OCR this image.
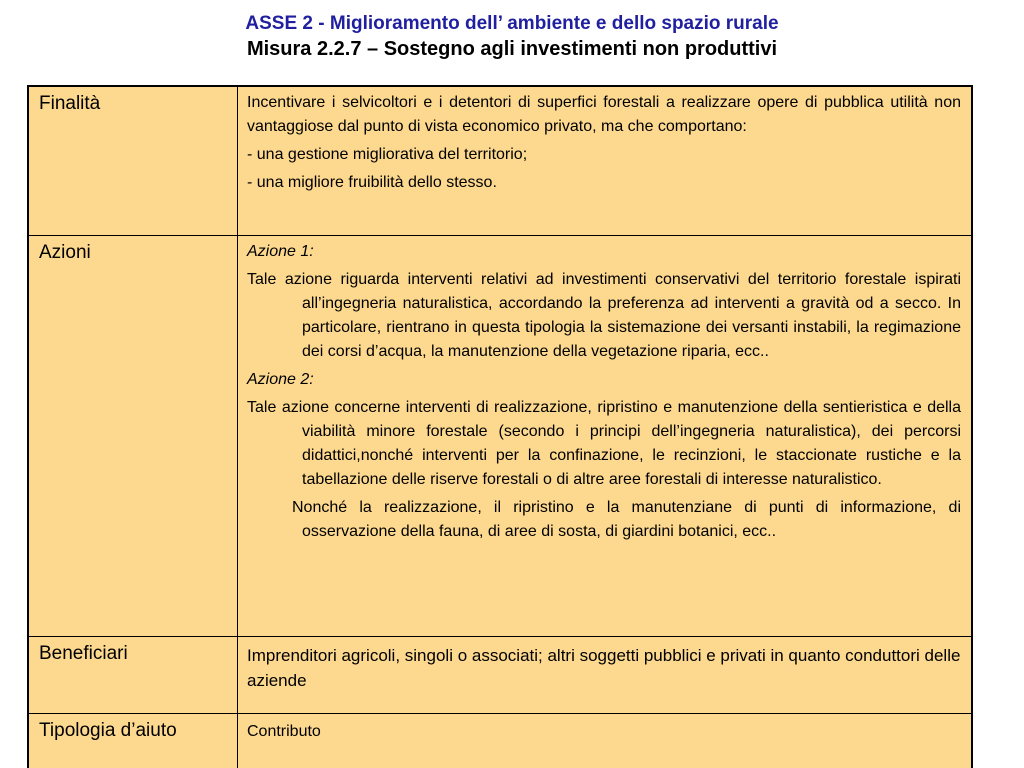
ASSE 2 - Miglioramento dell’ ambiente e dello spazio rurale
Misura 2.2.7 – Sostegno agli investimenti non produttivi
Finalità	Incentivare i selvicoltori e i detentori di superfici forestali a realizzare opere di pubblica utilità non vantaggiose dal punto di vista economico privato, ma che comportano:

- una gestione migliorativa del territorio;

- una migliore fruibilità dello stesso.

Azioni	Azione 1:

Tale azione riguarda interventi relativi ad investimenti conservativi del territorio forestale ispirati all’ingegneria naturalistica, accordando la preferenza ad interventi a gravità od a secco. In particolare, rientrano in questa tipologia la sistemazione dei versanti instabili, la regimazione dei corsi d’acqua, la manutenzione della vegetazione riparia, ecc..

Azione 2:

Tale azione concerne interventi di realizzazione, ripristino e manutenzione della sentieristica e della viabilità minore forestale (secondo i principi dell’ingegneria naturalistica), dei percorsi didattici,nonché interventi per la confinazione, le recinzioni, le staccionate rustiche e la tabellazione delle riserve forestali o di altre aree forestali di interesse naturalistico.

Nonché la realizzazione, il ripristino e la manutenziane di punti di informazione, di osservazione della fauna, di aree di sosta, di giardini botanici, ecc..

Beneficiari	Imprenditori agricoli, singoli o associati; altri soggetti pubblici e privati in quanto conduttori delle aziende
Tipologia d’aiuto	Contributo
